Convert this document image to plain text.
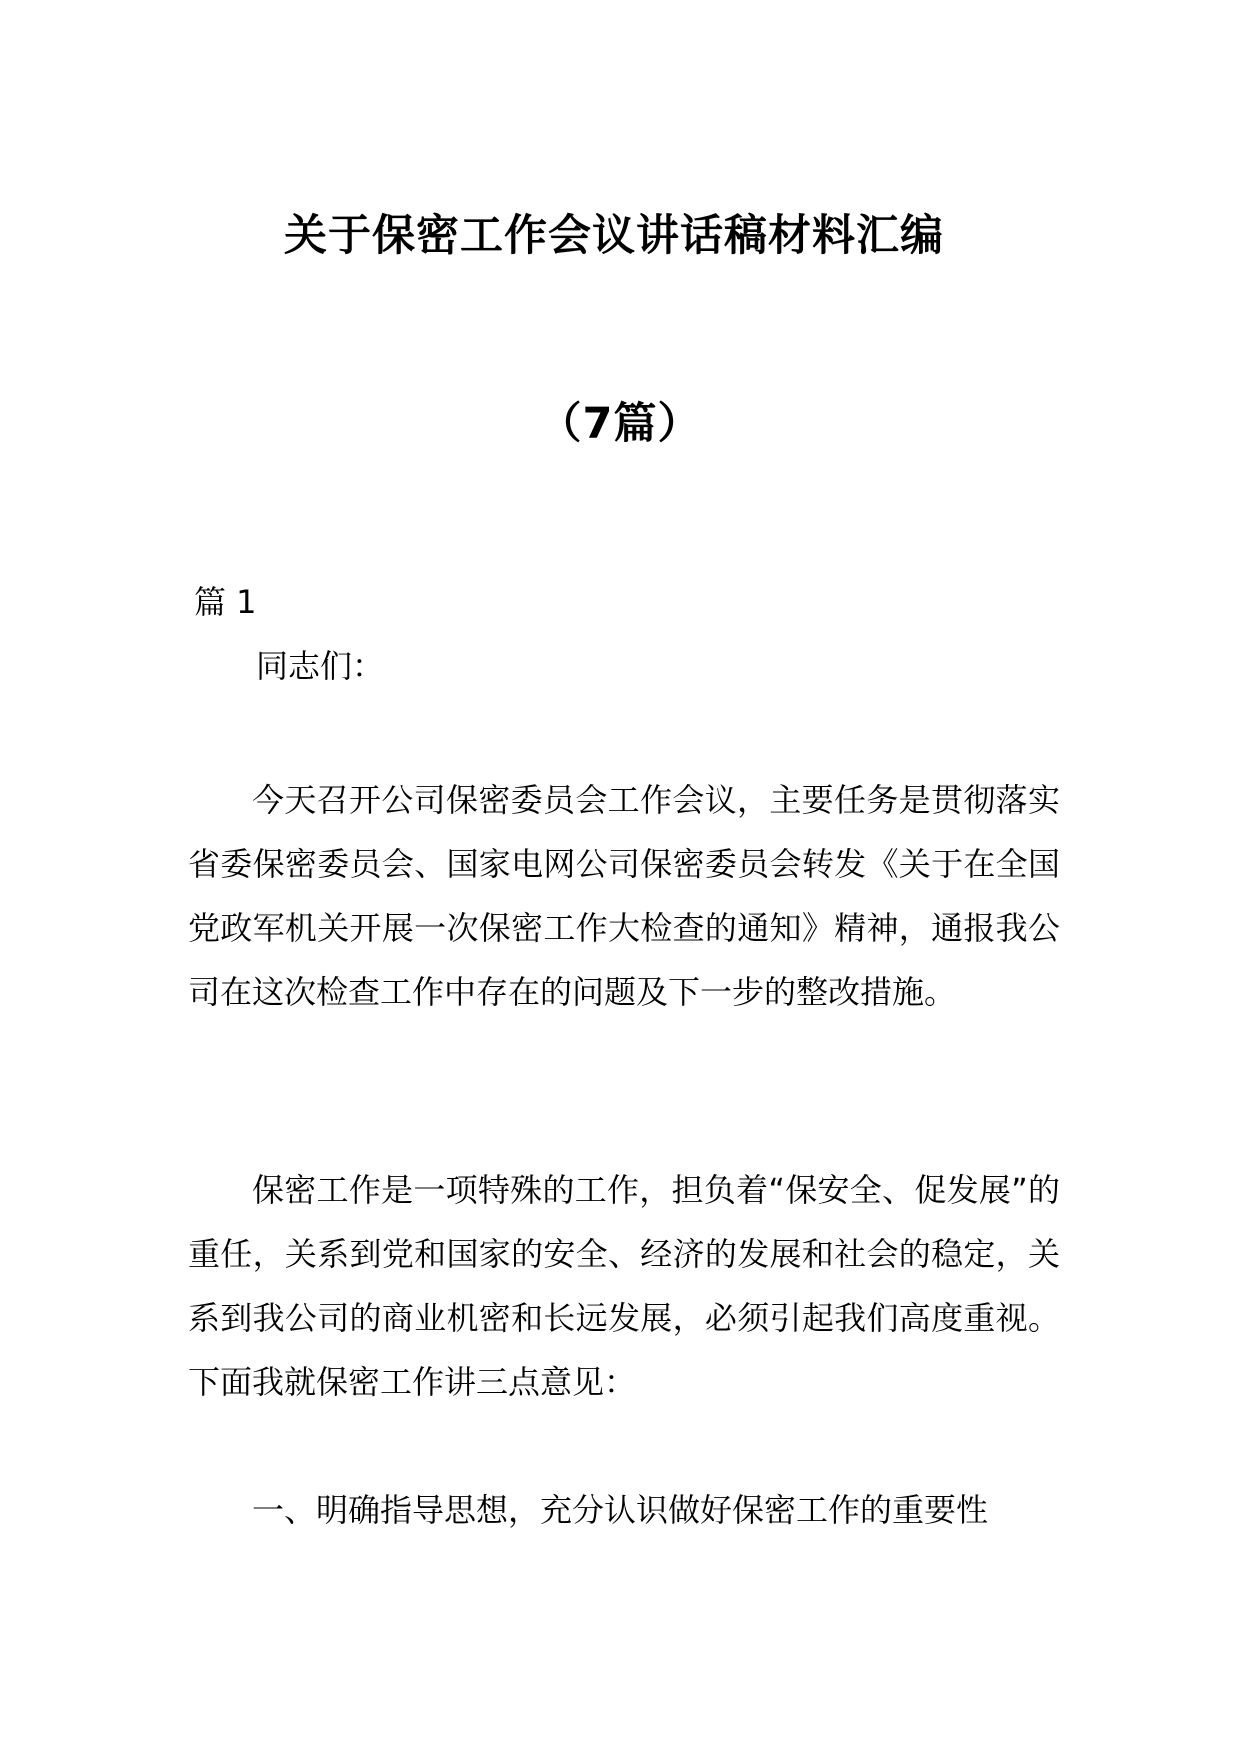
关于保密工作会议讲话稿材料汇编
（7篇）
篇 1
同志们：

今天召开公司保密委员会工作会议，主要任务是贯彻落实省委保密委员会、国家电网公司保密委员会转发《关于在全国党政军机关开展一次保密工作大检查的通知》精神，通报我公司在这次检查工作中存在的问题及下一步的整改措施。

保密工作是一项特殊的工作，担负着“保安全、促发展”的重任，关系到党和国家的安全、经济的发展和社会的稳定，关系到我公司的商业机密和长远发展，必须引起我们高度重视。下面我就保密工作讲三点意见：

一、明确指导思想，充分认识做好保密工作的重要性
